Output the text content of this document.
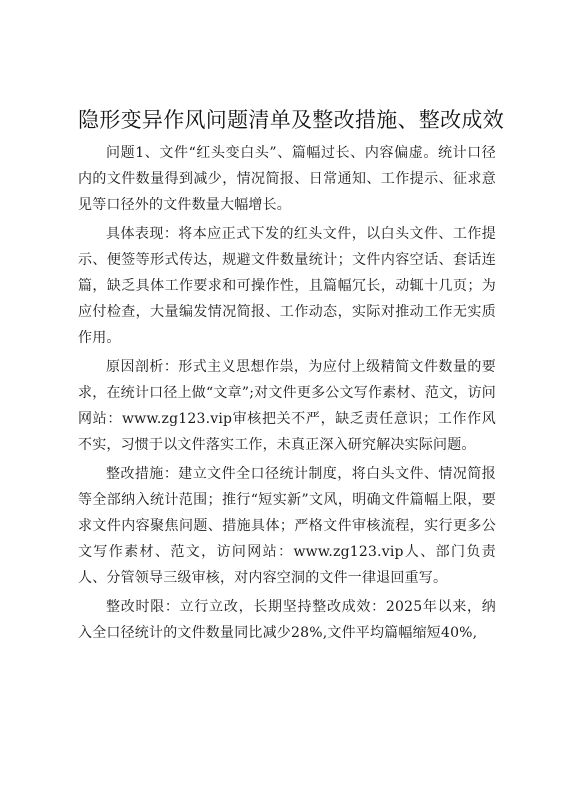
隐形变异作风问题清单及整改措施、整改成效

问题1、文件“红头变白头”、篇幅过长、内容偏虚。统计口径内的文件数量得到减少，情况简报、日常通知、工作提示、征求意见等口径外的文件数量大幅增长。

具体表现：将本应正式下发的红头文件，以白头文件、工作提示、便签等形式传达，规避文件数量统计；文件内容空话、套话连篇，缺乏具体工作要求和可操作性，且篇幅冗长，动辄十几页；为应付检查，大量编发情况简报、工作动态，实际对推动工作无实质作用。

原因剖析：形式主义思想作祟，为应付上级精简文件数量的要求，在统计口径上做“文章”;对文件更多公文写作素材、范文，访问网站：www.zg123.vip审核把关不严，缺乏责任意识；工作作风不实，习惯于以文件落实工作，未真正深入研究解决实际问题。

整改措施：建立文件全口径统计制度，将白头文件、情况简报等全部纳入统计范围；推行“短实新”文风，明确文件篇幅上限，要求文件内容聚焦问题、措施具体；严格文件审核流程，实行更多公文写作素材、范文，访问网站：www.zg123.vip人、部门负责人、分管领导三级审核，对内容空洞的文件一律退回重写。

整改时限：立行立改，长期坚持整改成效：2025年以来，纳入全口径统计的文件数量同比减少28%,文件平均篇幅缩短40%,
